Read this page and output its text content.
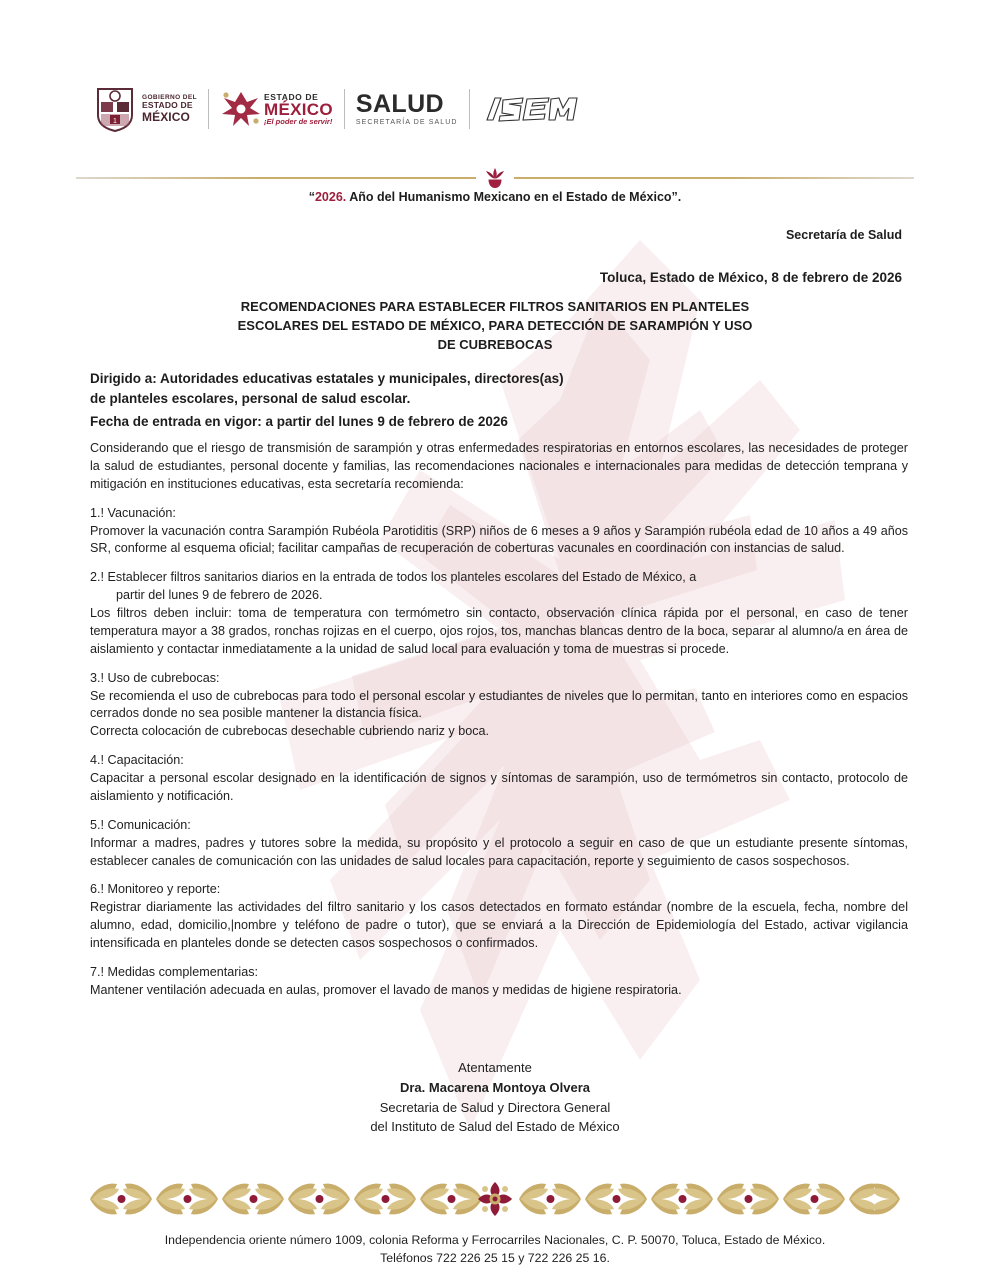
1
GOBIERNO DEL
ESTADO DE
MÉXICO
ESTADO DE
MÉXICO
¡El poder de servir!
SALUD
SECRETARÍA DE SALUD
“2026. Año del Humanismo Mexicano en el Estado de México”.
Secretaría de Salud
Toluca, Estado de México, 8 de febrero de 2026
RECOMENDACIONES PARA ESTABLECER FILTROS SANITARIOS EN PLANTELES
ESCOLARES DEL ESTADO DE MÉXICO, PARA DETECCIÓN DE SARAMPIÓN Y USO
DE CUBREBOCAS
Dirigido a: Autoridades educativas estatales y municipales, directores(as)
de planteles escolares, personal de salud escolar.
Fecha de entrada en vigor: a partir del lunes 9 de febrero de 2026

Considerando que el riesgo de transmisión de sarampión y otras enfermedades respiratorias en entornos escolares, las necesidades de proteger la salud de estudiantes, personal docente y familias, las recomendaciones nacionales e internacionales para medidas de detección temprana y mitigación en instituciones educativas, esta secretaría recomienda:

1.! Vacunación:

Promover la vacunación contra Sarampión Rubéola Parotiditis (SRP) niños de 6 meses a 9 años y Sarampión rubéola edad de 10 años a 49 años SR, conforme al esquema oficial; facilitar campañas de recuperación de coberturas vacunales en coordinación con instancias de salud.

2.! Establecer filtros sanitarios diarios en la entrada de todos los planteles escolares del Estado de México, a

partir del lunes 9 de febrero de 2026.

Los filtros deben incluir: toma de temperatura con termómetro sin contacto, observación clínica rápida por el personal, en caso de tener temperatura mayor a 38 grados, ronchas rojizas en el cuerpo, ojos rojos, tos, manchas blancas dentro de la boca, separar al alumno/a en área de aislamiento y contactar inmediatamente a la unidad de salud local para evaluación y toma de muestras si procede.

3.! Uso de cubrebocas:

Se recomienda el uso de cubrebocas para todo el personal escolar y estudiantes de niveles que lo permitan, tanto en interiores como en espacios cerrados donde no sea posible mantener la distancia física.

Correcta colocación de cubrebocas desechable cubriendo nariz y boca.

4.! Capacitación:

Capacitar a personal escolar designado en la identificación de signos y síntomas de sarampión, uso de termómetros sin contacto, protocolo de aislamiento y notificación.

5.! Comunicación:

Informar a madres, padres y tutores sobre la medida, su propósito y el protocolo a seguir en caso de que un estudiante presente síntomas, establecer canales de comunicación con las unidades de salud locales para capacitación, reporte y seguimiento de casos sospechosos.

6.! Monitoreo y reporte:

Registrar diariamente las actividades del filtro sanitario y los casos detectados en formato estándar (nombre de la escuela, fecha, nombre del alumno, edad, domicilio,|nombre y teléfono de padre o tutor), que se enviará a la Dirección de Epidemiología del Estado, activar vigilancia intensificada en planteles donde se detecten casos sospechosos o confirmados.

7.! Medidas complementarias:

Mantener ventilación adecuada en aulas, promover el lavado de manos y medidas de higiene respiratoria.

Atentamente
Dra. Macarena Montoya Olvera
Secretaria de Salud y Directora General
del Instituto de Salud del Estado de México
Independencia oriente número 1009, colonia Reforma y Ferrocarriles Nacionales, C. P. 50070, Toluca, Estado de México.
Teléfonos 722 226 25 15 y 722 226 25 16.
